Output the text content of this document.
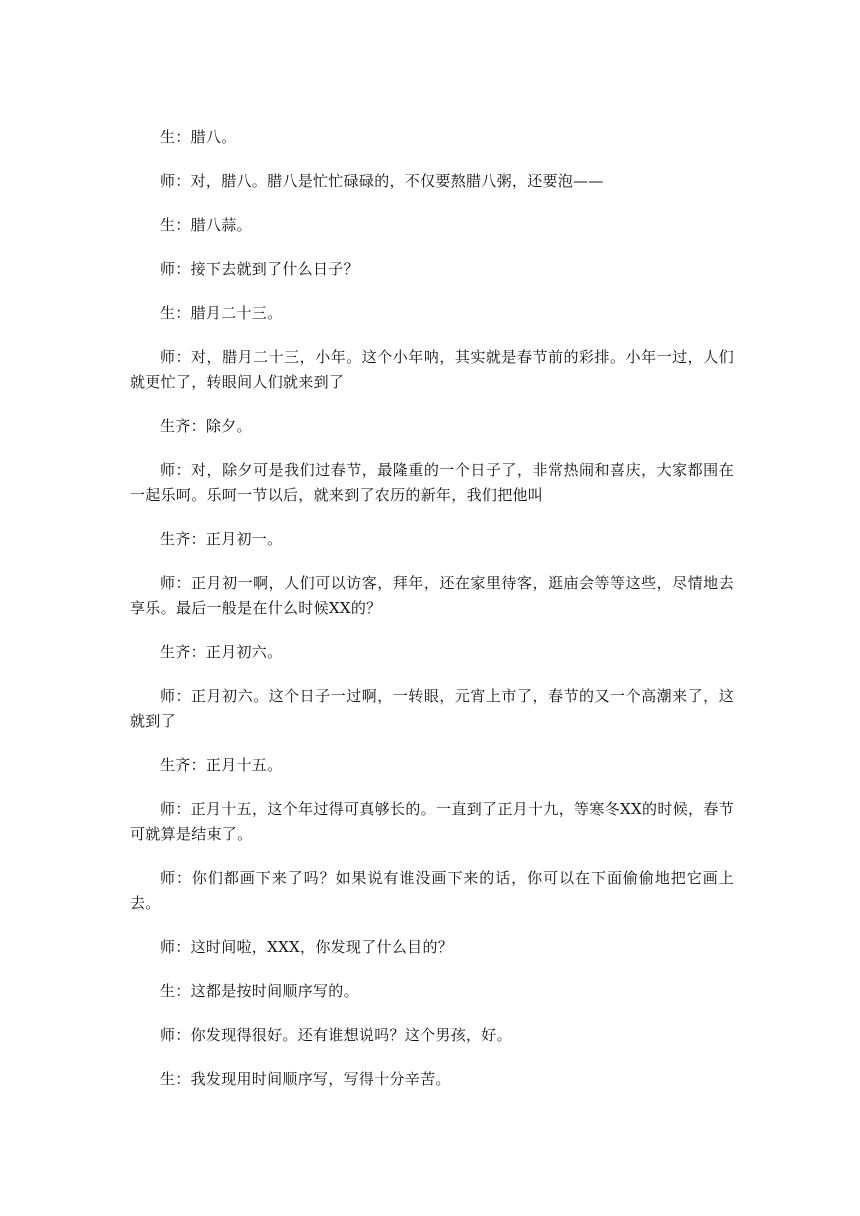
生：腊八。

师：对，腊八。腊八是忙忙碌碌的，不仅要熬腊八粥，还要泡——

生：腊八蒜。

师：接下去就到了什么日子？

生：腊月二十三。

师：对，腊月二十三，小年。这个小年呐，其实就是春节前的彩排。小年一过，人们就更忙了，转眼间人们就来到了

生齐：除夕。

师：对，除夕可是我们过春节，最隆重的一个日子了，非常热闹和喜庆，大家都围在一起乐呵。乐呵一节以后，就来到了农历的新年，我们把他叫

生齐：正月初一。

师：正月初一啊，人们可以访客，拜年，还在家里待客，逛庙会等等这些，尽情地去享乐。最后一般是在什么时候XX的？

生齐：正月初六。

师：正月初六。这个日子一过啊，一转眼，元宵上市了，春节的又一个高潮来了，这就到了

生齐：正月十五。

师：正月十五，这个年过得可真够长的。一直到了正月十九，等寒冬XX的时候，春节可就算是结束了。

师：你们都画下来了吗？如果说有谁没画下来的话，你可以在下面偷偷地把它画上去。

师：这时间啦，XXX，你发现了什么目的？

生：这都是按时间顺序写的。

师：你发现得很好。还有谁想说吗？这个男孩，好。

生：我发现用时间顺序写，写得十分辛苦。
